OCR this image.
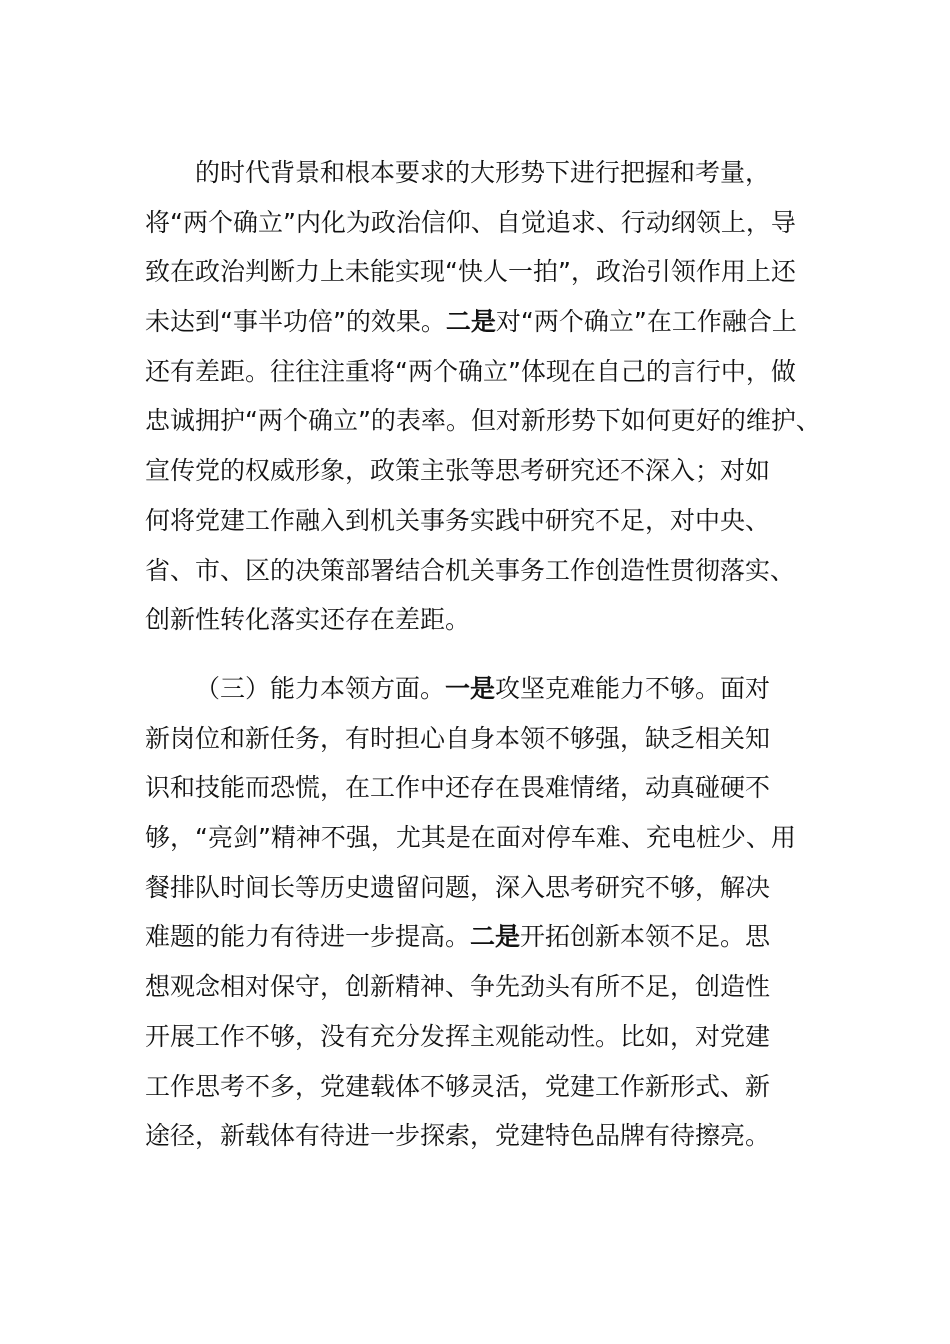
的时代背景和根本要求的大形势下进行把握和考量，
将“两个确立”内化为政治信仰、自觉追求、行动纲领上，导
致在政治判断力上未能实现“快人一拍”，政治引领作用上还
未达到“事半功倍”的效果。二是对“两个确立”在工作融合上
还有差距。往往注重将“两个确立”体现在自己的言行中，做
忠诚拥护“两个确立”的表率。但对新形势下如何更好的维护、
宣传党的权威形象，政策主张等思考研究还不深入；对如
何将党建工作融入到机关事务实践中研究不足，对中央、
省、市、区的决策部署结合机关事务工作创造性贯彻落实、
创新性转化落实还存在差距。
（三）能力本领方面。一是攻坚克难能力不够。面对
新岗位和新任务，有时担心自身本领不够强，缺乏相关知
识和技能而恐慌，在工作中还存在畏难情绪，动真碰硬不
够，“亮剑”精神不强，尤其是在面对停车难、充电桩少、用
餐排队时间长等历史遗留问题，深入思考研究不够，解决
难题的能力有待进一步提高。二是开拓创新本领不足。思
想观念相对保守，创新精神、争先劲头有所不足，创造性
开展工作不够，没有充分发挥主观能动性。比如，对党建
工作思考不多，党建载体不够灵活，党建工作新形式、新
途径，新载体有待进一步探索，党建特色品牌有待擦亮。
